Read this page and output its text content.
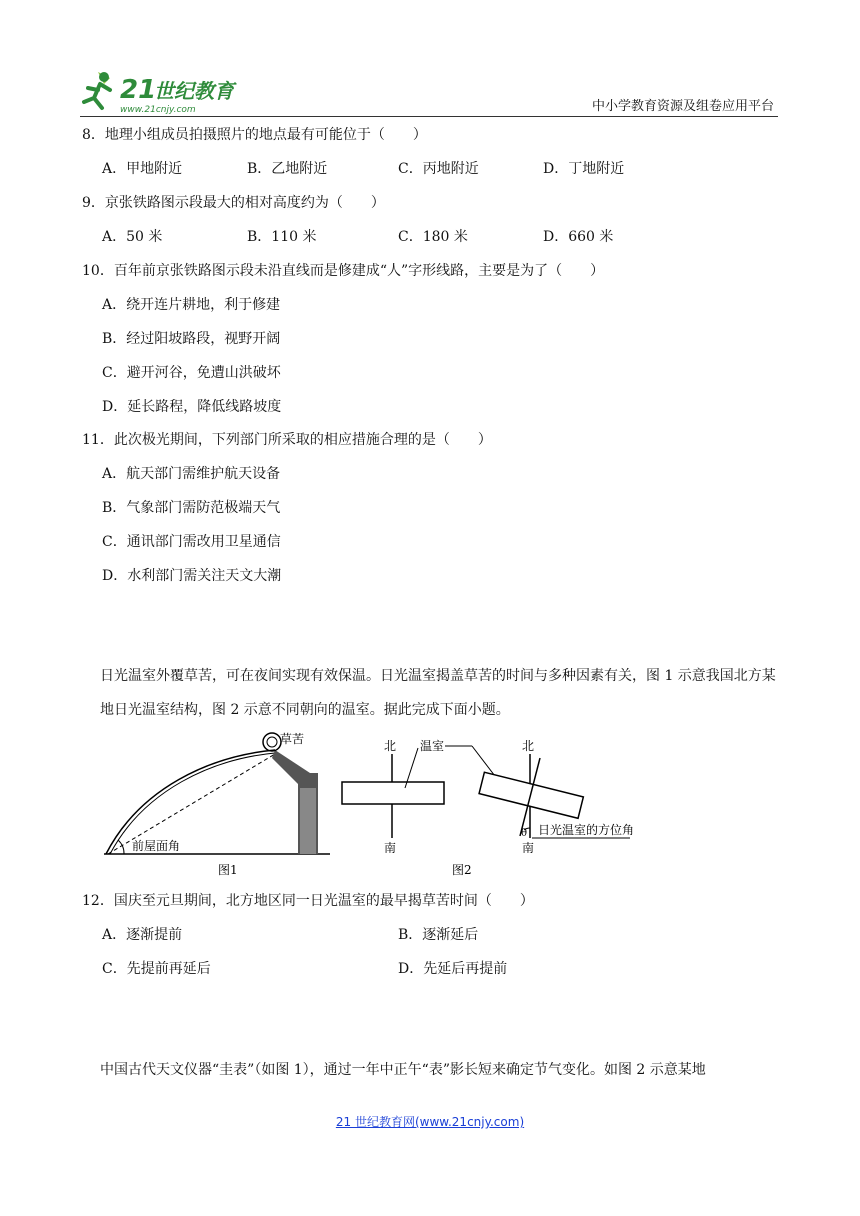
21
世纪教育
www.21cnjy.com	中小学教育资源及组卷应用平台
8．地理小组成员拍摄照片的地点最有可能位于（　　）
A．甲地附近	B．乙地附近	C．丙地附近	D．丁地附近
9．京张铁路图示段最大的相对高度约为（　　）
A．50 米	B．110 米	C．180 米	D．660 米
10．百年前京张铁路图示段未沿直线而是修建成“人”字形线路，主要是为了（　　）
A．绕开连片耕地，利于修建
B．经过阳坡路段，视野开阔
C．避开河谷，免遭山洪破坏
D．延长路程，降低线路坡度
11．此次极光期间，下列部门所采取的相应措施合理的是（　　）
A．航天部门需维护航天设备
B．气象部门需防范极端天气
C．通讯部门需改用卫星通信
D．水利部门需关注天文大潮
日光温室外覆草苦，可在夜间实现有效保温。日光温室揭盖草苦的时间与多种因素有关，图 1 示意我国北方某地日光温室结构，图 2 示意不同朝向的温室。据此完成下面小题。
草苦
前屋面角
图1
北
南
温室
图2
北
南
θ 日光温室的方位角
12．国庆至元旦期间，北方地区同一日光温室的最早揭草苦时间（　　）
A．逐渐提前	B．逐渐延后
C．先提前再延后	D．先延后再提前
中国古代天文仪器“圭表”（如图 1），通过一年中正午“表”影长短来确定节气变化。如图 2 示意某地
21 世纪教育网(www.21cnjy.com)
